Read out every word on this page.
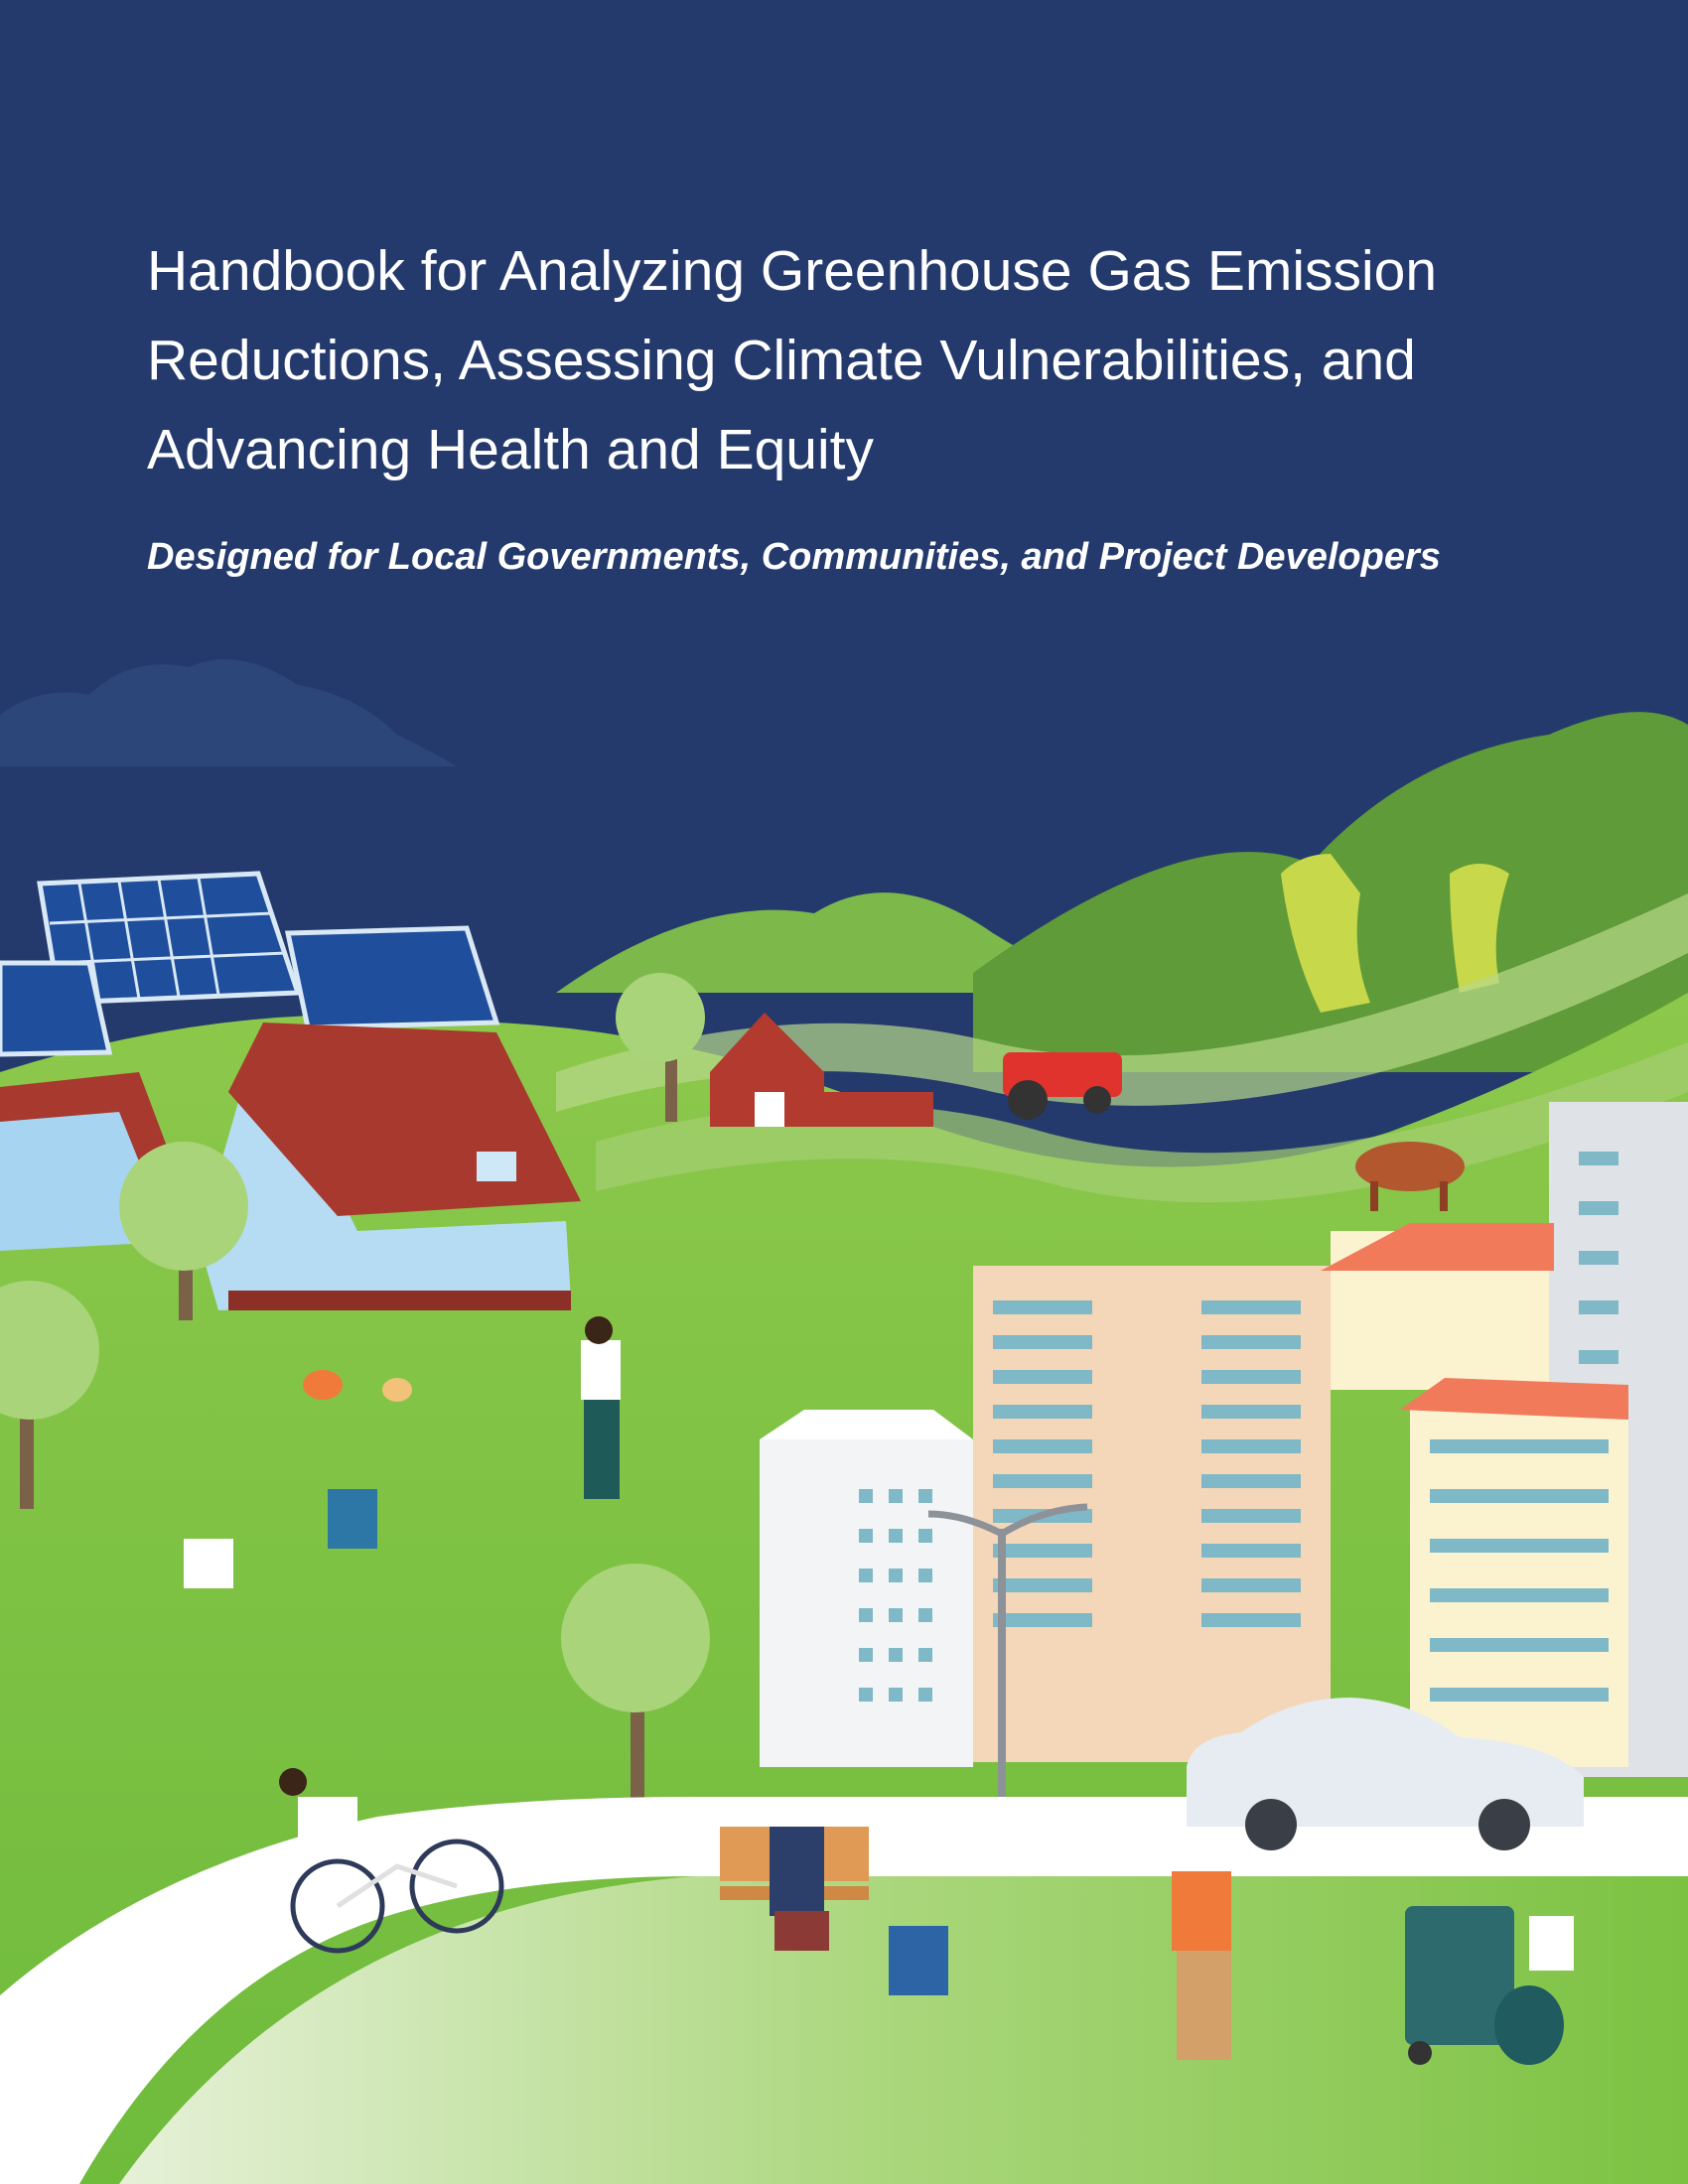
Handbook for Analyzing Greenhouse Gas Emission Reductions, Assessing Climate Vulnerabilities, and Advancing Health and Equity

Designed for Local Governments, Communities, and Project Developers
